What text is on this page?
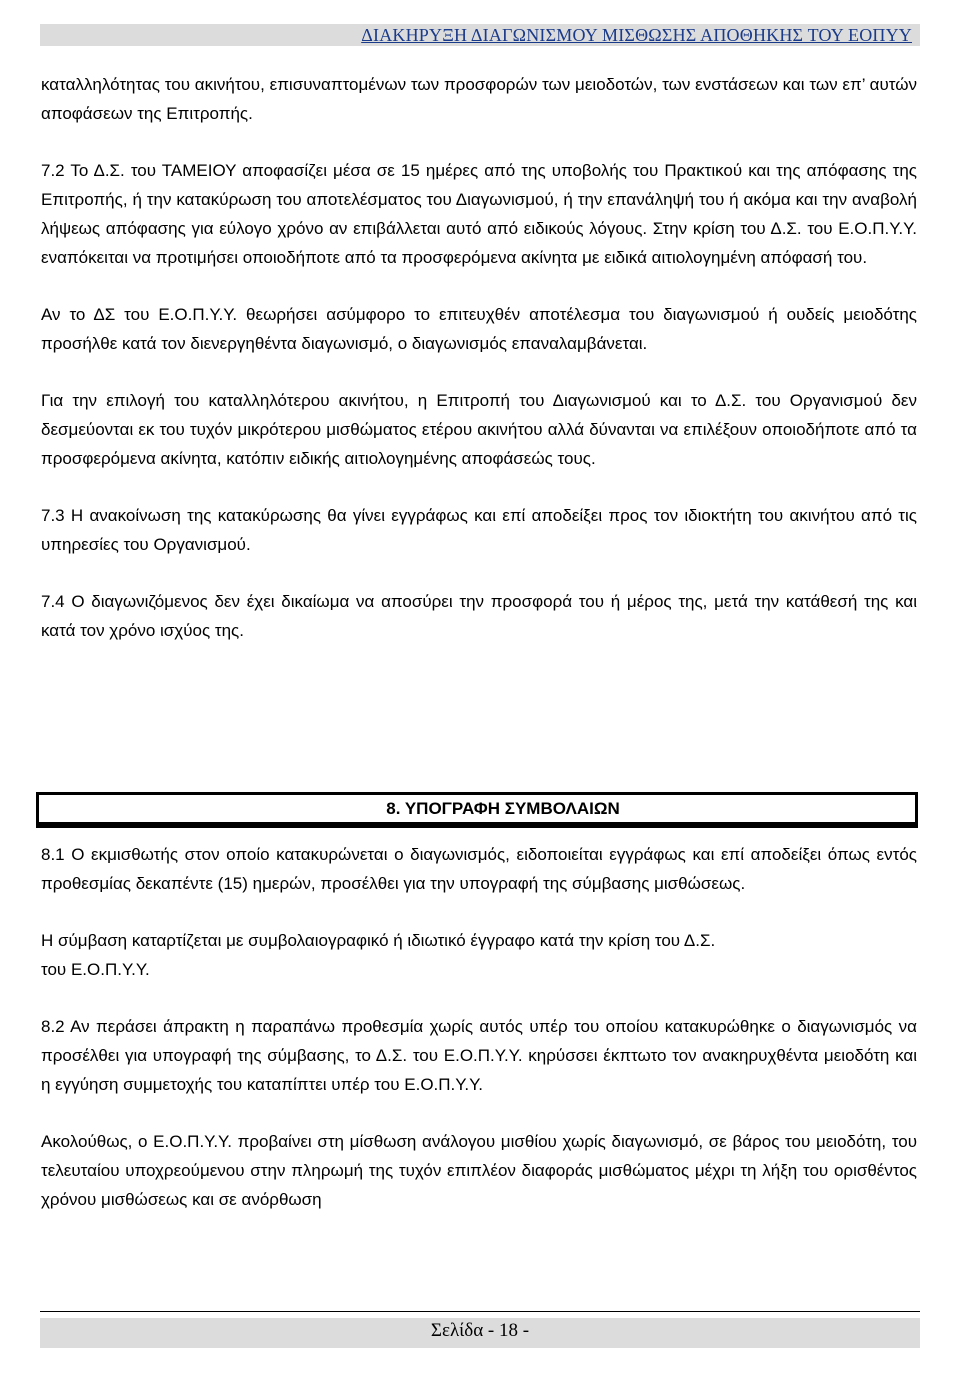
ΔΙΑΚΗΡΥΞΗ ΔΙΑΓΩΝΙΣΜΟΥ ΜΙΣΘΩΣΗΣ ΑΠΟΘΗΚΗΣ ΤΟΥ ΕΟΠΥΥ

καταλληλότητας του ακινήτου, επισυναπτομένων των προσφορών των μειοδοτών, των ενστάσεων και των επ’ αυτών αποφάσεων της Επιτροπής.

7.2 Το Δ.Σ. του ΤΑΜΕΙΟΥ αποφασίζει μέσα σε 15 ημέρες από της υποβολής του Πρακτικού και της απόφασης της Επιτροπής, ή την κατακύρωση του αποτελέσματος του Διαγωνισμού, ή την επανάληψή του ή ακόμα και την αναβολή λήψεως απόφασης για εύλογο χρόνο αν επιβάλλεται αυτό από ειδικούς λόγους. Στην κρίση του Δ.Σ. του Ε.Ο.Π.Υ.Υ. εναπόκειται να προτιμήσει οποιοδήποτε από τα προσφερόμενα ακίνητα με ειδικά αιτιολογημένη απόφασή του.

Αν το ΔΣ του Ε.Ο.Π.Υ.Υ. θεωρήσει ασύμφορο το επιτευχθέν αποτέλεσμα του διαγωνισμού ή ουδείς μειοδότης προσήλθε κατά τον διενεργηθέντα διαγωνισμό, ο διαγωνισμός επαναλαμβάνεται.

Για την επιλογή του καταλληλότερου ακινήτου, η Επιτροπή του Διαγωνισμού και το Δ.Σ. του Οργανισμού δεν δεσμεύονται εκ του τυχόν μικρότερου μισθώματος ετέρου ακινήτου αλλά δύνανται να επιλέξουν οποιοδήποτε από τα προσφερόμενα ακίνητα, κατόπιν ειδικής αιτιολογημένης αποφάσεώς τους.

7.3 Η ανακοίνωση της κατακύρωσης θα γίνει εγγράφως και επί αποδείξει προς τον ιδιοκτήτη του ακινήτου από τις υπηρεσίες του Οργανισμού.

7.4 Ο διαγωνιζόμενος δεν έχει δικαίωμα να αποσύρει την προσφορά του ή μέρος της, μετά την κατάθεσή της και κατά τον χρόνο ισχύος της.

8. ΥΠΟΓΡΑΦΗ ΣΥΜΒΟΛΑΙΩΝ

8.1 Ο εκμισθωτής στον οποίο κατακυρώνεται ο διαγωνισμός, ειδοποιείται εγγράφως και επί αποδείξει όπως εντός προθεσμίας δεκαπέντε (15) ημερών, προσέλθει για την υπογραφή της σύμβασης μισθώσεως.

Η σύμβαση καταρτίζεται με συμβολαιογραφικό ή ιδιωτικό έγγραφο κατά την κρίση του Δ.Σ.

του Ε.Ο.Π.Υ.Υ.

8.2 Αν περάσει άπρακτη η παραπάνω προθεσμία χωρίς αυτός υπέρ του οποίου κατακυρώθηκε ο διαγωνισμός να προσέλθει για υπογραφή της σύμβασης, το Δ.Σ. του Ε.Ο.Π.Υ.Υ. κηρύσσει έκπτωτο τον ανακηρυχθέντα μειοδότη και η εγγύηση συμμετοχής του καταπίπτει υπέρ του Ε.Ο.Π.Υ.Υ.

Ακολούθως, ο Ε.Ο.Π.Υ.Υ. προβαίνει στη μίσθωση ανάλογου μισθίου χωρίς διαγωνισμό, σε βάρος του μειοδότη, του τελευταίου υποχρεούμενου στην πληρωμή της τυχόν επιπλέον διαφοράς μισθώματος μέχρι τη λήξη του ορισθέντος χρόνου μισθώσεως και σε ανόρθωση

Σελίδα - 18 -
